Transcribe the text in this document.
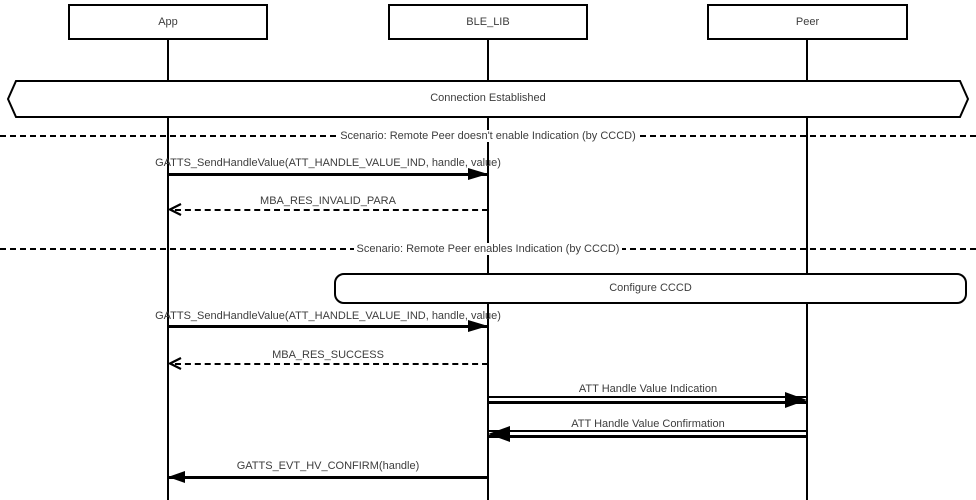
App	BLE_LIB	Peer
Connection Established
Scenario: Remote Peer doesn't enable Indication (by CCCD)
GATTS_SendHandleValue(ATT_HANDLE_VALUE_IND, handle, value)
MBA_RES_INVALID_PARA
Scenario: Remote Peer enables Indication (by CCCD)
Configure CCCD
GATTS_SendHandleValue(ATT_HANDLE_VALUE_IND, handle, value)
MBA_RES_SUCCESS
ATT Handle Value Indication
ATT Handle Value Confirmation
GATTS_EVT_HV_CONFIRM(handle)
